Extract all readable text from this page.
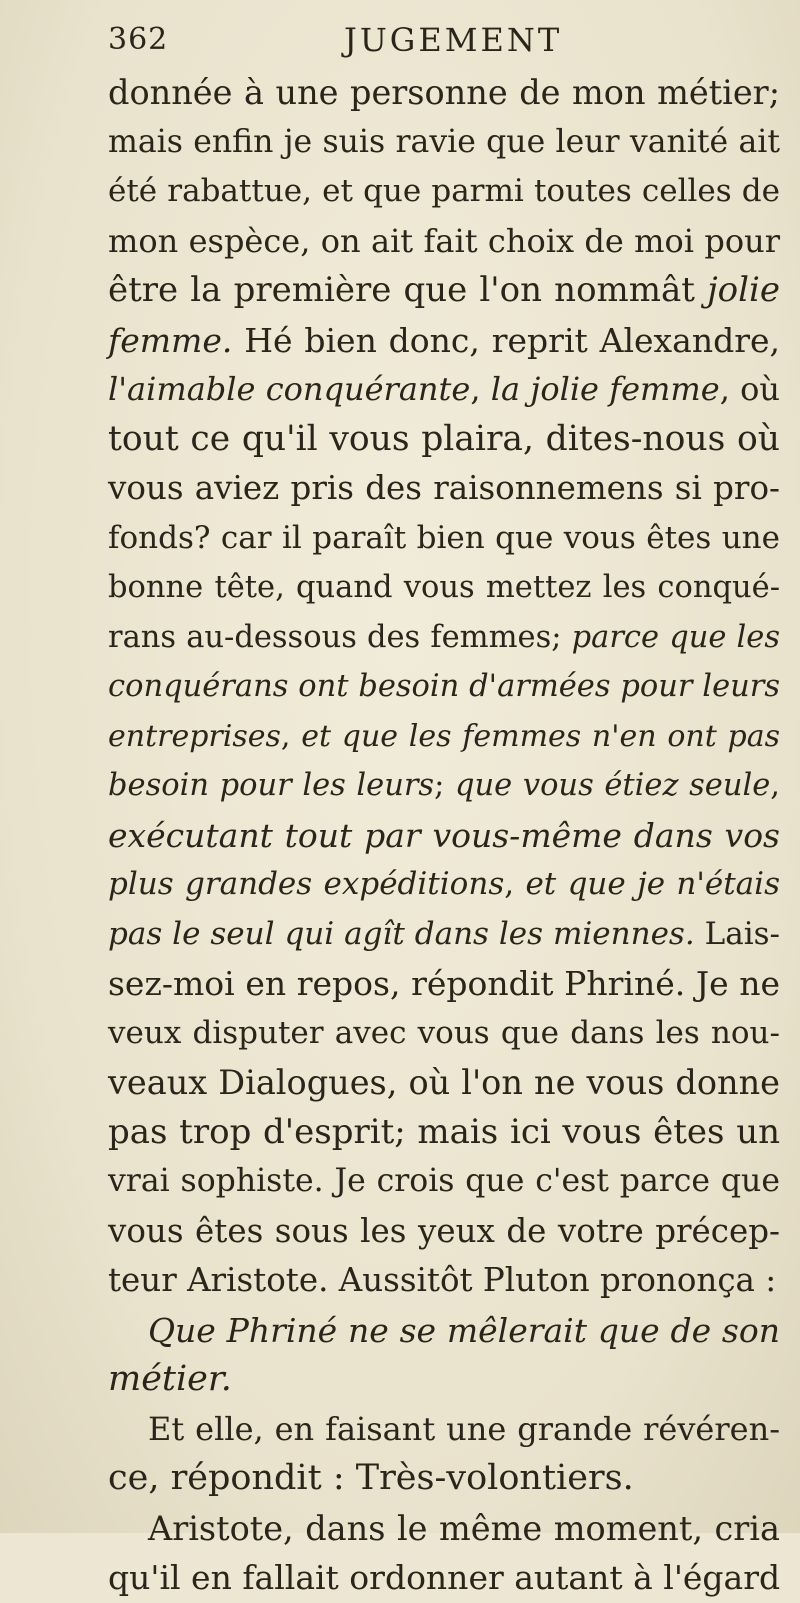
362	JUGEMENT
donnée à une personne de mon métier;
mais enfin je suis ravie que leur vanité ait
été rabattue, et que parmi toutes celles de
mon espèce, on ait fait choix de moi pour
être la première que l'on nommât jolie
femme. Hé bien donc, reprit Alexandre,
l'aimable conquérante, la jolie femme, où
tout ce qu'il vous plaira, dites-nous où
vous aviez pris des raisonnemens si pro-
fonds? car il paraît bien que vous êtes une
bonne tête, quand vous mettez les conqué-
rans au-dessous des femmes; parce que les
conquérans ont besoin d'armées pour leurs
entreprises, et que les femmes n'en ont pas
besoin pour les leurs; que vous étiez seule,
exécutant tout par vous-même dans vos
plus grandes expéditions, et que je n'étais
pas le seul qui agît dans les miennes. Lais-
sez-moi en repos, répondit Phriné. Je ne
veux disputer avec vous que dans les nou-
veaux Dialogues, où l'on ne vous donne
pas trop d'esprit; mais ici vous êtes un
vrai sophiste. Je crois que c'est parce que
vous êtes sous les yeux de votre précep-
teur Aristote. Aussitôt Pluton prononça :
Que Phriné ne se mêlerait que de son
métier.
Et elle, en faisant une grande révéren-
ce, répondit : Très-volontiers.
Aristote, dans le même moment, cria
qu'il en fallait ordonner autant à l'égard
